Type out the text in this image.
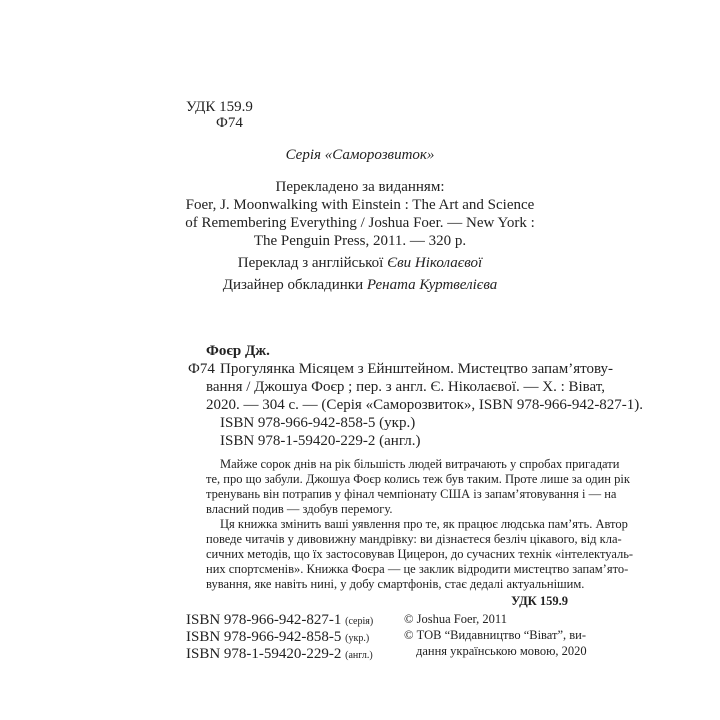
УДК 159.9
Ф74
Серія «Саморозвиток»
Перекладено за виданням:
Foer, J. Moonwalking with Einstein : The Art and Science
of Remembering Everything / Joshua Foer. — New York :
The Penguin Press, 2011. — 320 p.
Переклад з англійської Єви Ніколаєвої
Дизайнер обкладинки Рената Куртвелієва
Фоєр Дж.
Ф74 Прогулянка Місяцем з Ейнштейном. Мистецтво запам’ятову-
вання / Джошуа Фоєр ; пер. з англ. Є. Ніколаєвої. — Х. : Віват,
2020. — 304 с. — (Серія «Саморозвиток», ISBN 978-966-942-827-1).
ISBN 978-966-942-858-5 (укр.)
ISBN 978-1-59420-229-2 (англ.)
Майже сорок днів на рік більшість людей витрачають у спробах пригадати
те, про що забули. Джошуа Фоєр колись теж був таким. Проте лише за один рік
тренувань він потрапив у фінал чемпіонату США із запам’ятовування і — на
власний подив — здобув перемогу.
Ця книжка змінить ваші уявлення про те, як працює людська пам’ять. Автор
поведе читачів у дивовижну мандрівку: ви дізнаєтеся безліч цікавого, від кла-
сичних методів, що їх застосовував Цицерон, до сучасних технік «інтелектуаль-
них спортсменів». Книжка Фоєра — це заклик відродити мистецтво запам’ято-
вування, яке навіть нині, у добу смартфонів, стає дедалі актуальнішим.
УДК 159.9
ISBN 978-966-942-827-1 (серія)
ISBN 978-966-942-858-5 (укр.)
ISBN 978-1-59420-229-2 (англ.)
© Joshua Foer, 2011
© ТОВ “Видавництво “Віват”, ви-
дання українською мовою, 2020
